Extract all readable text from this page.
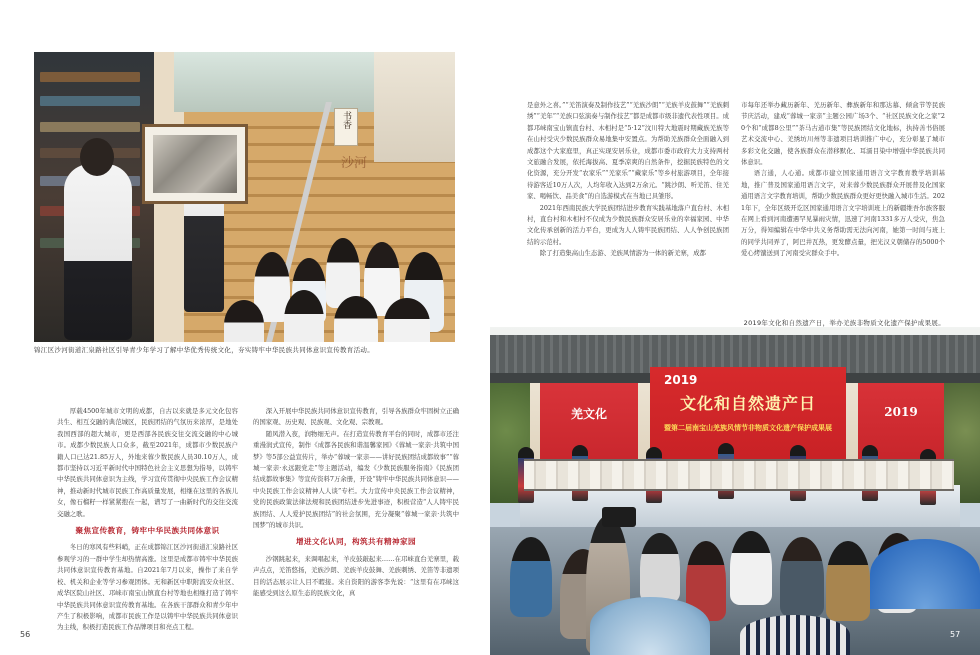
沙河
书香
锦江区沙河街道汇泉路社区引导青少年学习了解中华优秀传统文化，夯实铸牢中华民族共同体意识宣传教育活动。

厚载4500年城市文明的成都，自古以来就是多元文化包容共生、相互交融的典范城区，民族团结的气氛历来浓厚，是地处我国西部的超大城市，更是西部各民族交往交流交融的中心城市。成都少数民族人口众多，截至2021年，成都市少数民族户籍人口已达21.85万人，外地来蓉少数民族人员30.10万人，成都市坚持以习近平新时代中国特色社会主义思想为指导，以铸牢中华民族共同体意识为主线，学习宣传贯彻中央民族工作会议精神，推动新时代城市民族工作高质量发展，相继在这里的各族儿女，像石榴籽一样紧紧抱在一起，谱写了一曲新时代的交往交流交融之歌。

聚焦宣传教育，铸牢中华民族共同体意识

冬日的寒风有些料峭，正在成都锦江区沙河街道汇泉路社区参观学习的一群中学生却热情高涨。这里是成都市铸牢中华民族共同体意识宣传教育基地。自2021年7月以来，操作了来自学校、机关和企业等学习参观团体。无和新区中职附流安众社区、成华区院山社区、邛崃市南宝山镇直台村等地也相继打造了铸牢中华民族共同体意识宣传教育基地。在各族干部群众和青少年中产生了积极影响，成都市民族工作是以铸牢中华民族共同体意识为主线，积极打造民族工作品牌项目和亮点工程。

深入开展中华民族共同体意识宣传教育，引导各族群众牢固树立正确的国家观、历史观、民族观、文化观、宗教观。

随风潜入夜，润物细无声。在打造宣传教育平台的同时，成都市还注重漫润式宣传，制作《成都各民族和谐温馨家园》《蓉城一家亲·共筑中国梦》等5部公益宣传片，举办“蓉城一家亲——讲好民族团结成都故事”“蓉城一家亲·永远跟党走”等主题活动，编发《少数民族服务指南》《民族团结成都故事集》等宣传资料7万余册，开设“铸牢中华民族共同体意识——中央民族工作会议精神人人谈”专栏。大力宣传中央民族工作会议精神，党的民族政策法律法规和民族团结进步先进事迹，积极营造“人人铸牢民族团结、人人爱护民族团结”的社会氛围，充分凝聚“蓉城一家亲·共筑中国梦”的城市共识。

增进文化认同，构筑共有精神家园

沙钢跳起来，来调唱起来，羊皮鼓敲起来……在邛崃直台羌寨里，载声点点，羌笛悠扬，羌族沙朗、羌族羊皮鼓舞、羌族刺绣、羌笛等非遗项目的活态展示让人目不暇接。来自资阳的游客李先说：“这里有在邛崃这能感受到这么原生态的民族文化，真

56

是意外之喜。”“羌笛演奏及制作技艺”“羌族沙朗”“羌族羊皮鼓舞”“羌族刺绣”“羌年”“羌族口弦演奏与制作技艺”都是成都市级非遗代表性项目。成都邛崃南宝山镇直台村、木相村是“5·12”汶川特大地震时期藏族羌族等在山村受灾少数民族群众易地集中安置点。为帮助羌族群众全面融入到成都这个大家庭里，真正实现安居乐业，成都市委市政府大力支持两村文旅融合发展，依托海拔高、夏季凉爽的自然条件，挖掘民族特色的文化资源，充分开发“农家乐”“羌家乐”“藏家乐”等乡村旅游项目，全年接待游客近10万人次，人均年收入达到2万余元。“跳沙朗、听羌笛、住羌家、喝畅饮、品美食”的自选游模式在当地已具雏形。

2021年西南民族大学民族团结进步教育实践基地落户直台村、木相村，直台村和木相村不仅成为少数民族群众安居乐业的幸福家园、中华文化传承创新的活力平台，更成为人人铸牢民族团结、人人争创民族团结的示范村。

除了打造集高山生态游、羌族风情游为一体的新羌寨，成都

市每年还举办藏历新年、羌历新年、彝族新年和那达慕、倾盒节等民族节庆活动，建成“蓉城一家亲”主题公园广场3个、“社区民族文化之家”20个和“成都8公里”“茶马古道市集”等民族团结文化地标，执持善书俗展艺术交流中心、羌绣坊川州等非遗项目培训推广中心，充分彰显了城市多彩文化交融，使各族群众在潜移默化、耳濡目染中增强中华民族共同体意识。

语言通，人心通。成都市建立国家通用语言文字教育教学培训基地，推广普及国家通用语言文字，对来蓉少数民族群众开展普及化国家通用语言文字教育培训，帮助少数民族群众更好更快融入城市生活。2021年下，全年区级开讫区国家通用语言文字培训班上的新疆维吾尔族客服在网上看到河南遭遇罕见暴雨灾情，迅速了河南1331多万人受灾，焦急万分，得知编辑在中华中共义务帮助需无法向河南，她第一时间与班上的同学共同弄了，阿巴井瓦热，更发酵点量，把光汉义朝储存的5000个爱心烤馕送到了河南受灾群众手中。

2019年文化和自然遗产日，举办羌族非物质文化遗产保护成果展。
羌文化
2019
文化和自然遗产日
暨第二届南宝山羌族风情节非物质文化遗产保护成果展
2019
57
